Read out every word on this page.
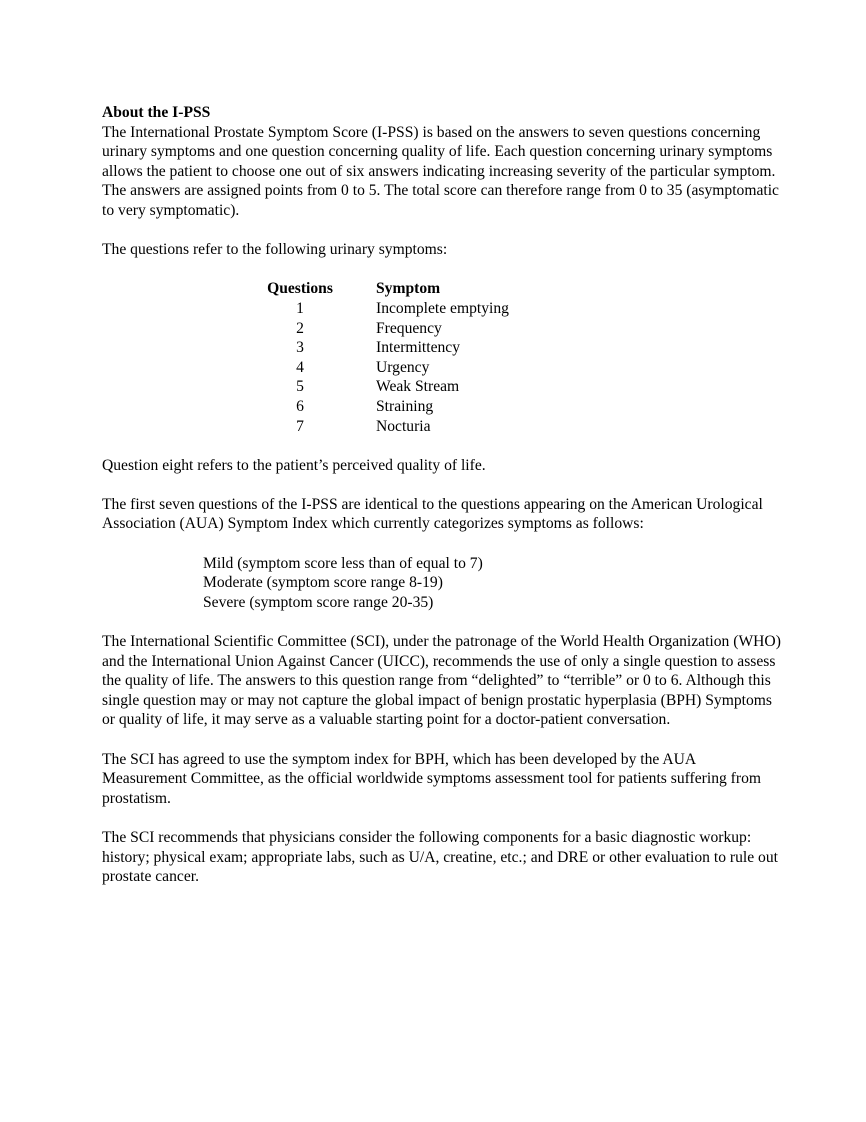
About the I-PSS

The International Prostate Symptom Score (I-PSS) is based on the answers to seven questions concerning urinary symptoms and one question concerning quality of life. Each question concerning urinary symptoms allows the patient to choose one out of six answers indicating increasing severity of the particular symptom. The answers are assigned points from 0 to 5. The total score can therefore range from 0 to 35 (asymptomatic to very symptomatic).

The questions refer to the following urinary symptoms:

Questions	Symptom
1	Incomplete emptying
2	Frequency
3	Intermittency
4	Urgency
5	Weak Stream
6	Straining
7	Nocturia

Question eight refers to the patient’s perceived quality of life.

The first seven questions of the I-PSS are identical to the questions appearing on the American Urological Association (AUA) Symptom Index which currently categorizes symptoms as follows:

Mild (symptom score less than of equal to 7)
Moderate (symptom score range 8-19)
Severe (symptom score range 20-35)

The International Scientific Committee (SCI), under the patronage of the World Health Organization (WHO) and the International Union Against Cancer (UICC), recommends the use of only a single question to assess the quality of life. The answers to this question range from “delighted” to “terrible” or 0 to 6. Although this single question may or may not capture the global impact of benign prostatic hyperplasia (BPH) Symptoms or quality of life, it may serve as a valuable starting point for a doctor-patient conversation.

The SCI has agreed to use the symptom index for BPH, which has been developed by the AUA Measurement Committee, as the official worldwide symptoms assessment tool for patients suffering from prostatism.

The SCI recommends that physicians consider the following components for a basic diagnostic workup: history; physical exam; appropriate labs, such as U/A, creatine, etc.; and DRE or other evaluation to rule out prostate cancer.
